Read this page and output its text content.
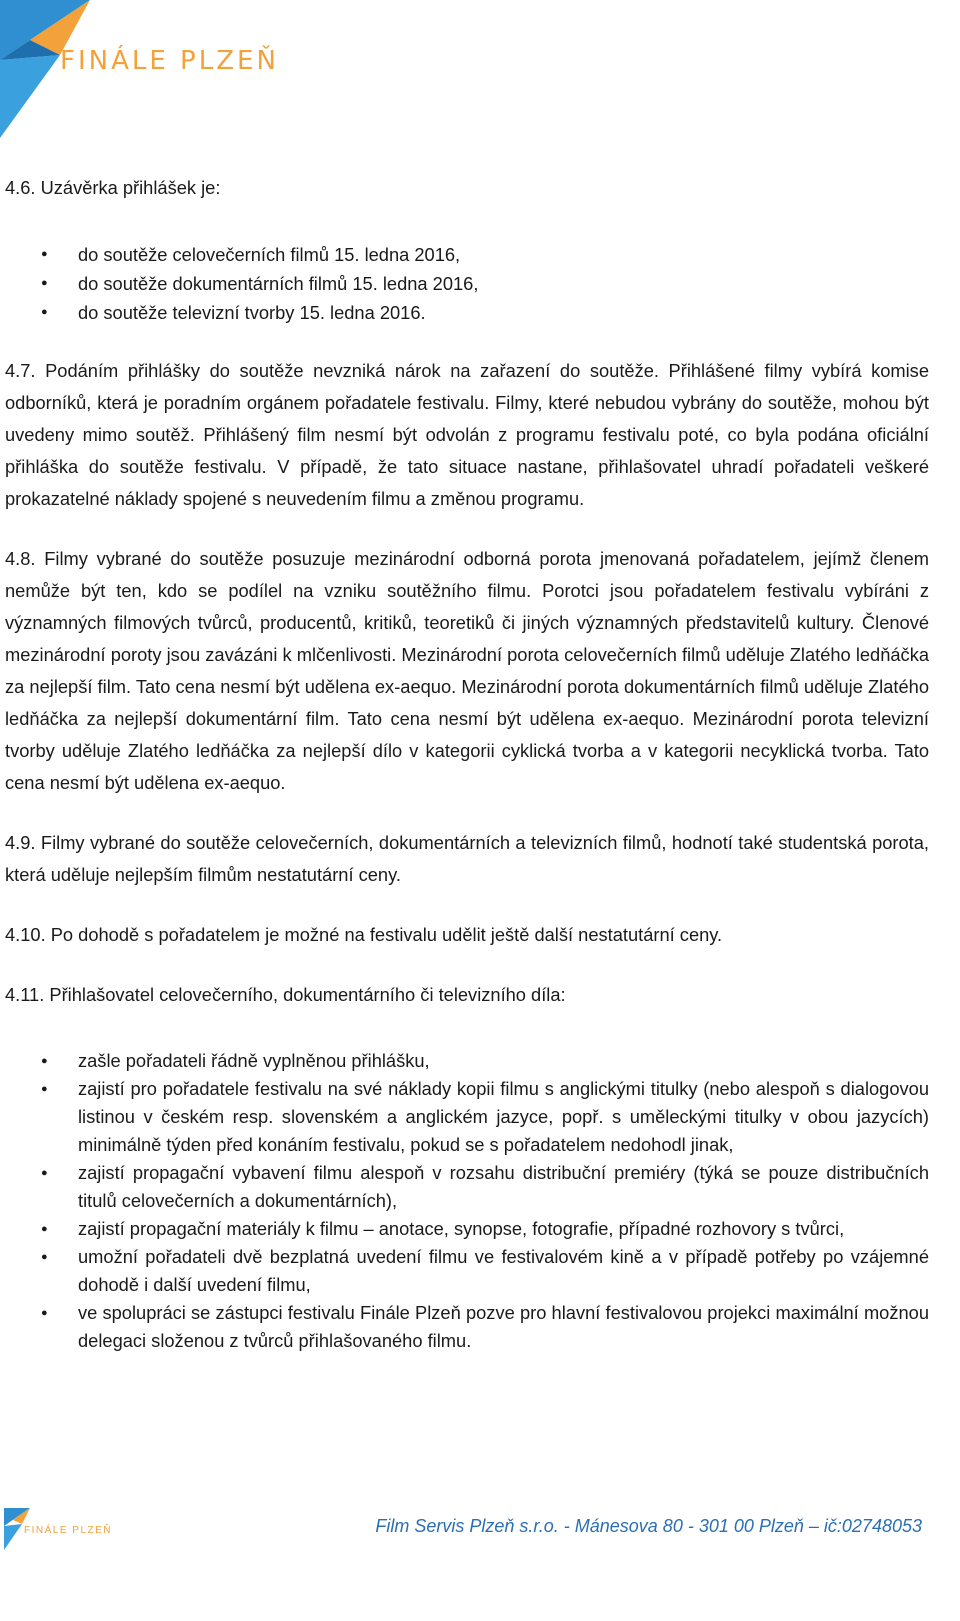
FINÁLE PLZEŇ

4.6. Uzávěrka přihlášek je:

● do soutěže celovečerních filmů 15. ledna 2016,
● do soutěže dokumentárních filmů 15. ledna 2016,
● do soutěže televizní tvorby 15. ledna 2016.

4.7. Podáním přihlášky do soutěže nevzniká nárok na zařazení do soutěže. Přihlášené filmy vybírá komise odborníků, která je poradním orgánem pořadatele festivalu. Filmy, které nebudou vybrány do soutěže, mohou být uvedeny mimo soutěž. Přihlášený film nesmí být odvolán z programu festivalu poté, co byla podána oficiální přihláška do soutěže festivalu. V případě, že tato situace nastane, přihlašovatel uhradí pořadateli veškeré prokazatelné náklady spojené s neuvedením filmu a změnou programu.

4.8. Filmy vybrané do soutěže posuzuje mezinárodní odborná porota jmenovaná pořadatelem, jejímž členem nemůže být ten, kdo se podílel na vzniku soutěžního filmu. Porotci jsou pořadatelem festivalu vybíráni z významných filmových tvůrců, producentů, kritiků, teoretiků či jiných významných představitelů kultury. Členové mezinárodní poroty jsou zavázáni k mlčenlivosti. Mezinárodní porota celovečerních filmů uděluje Zlatého ledňáčka za nejlepší film. Tato cena nesmí být udělena ex-aequo. Mezinárodní porota dokumentárních filmů uděluje Zlatého ledňáčka za nejlepší dokumentární film. Tato cena nesmí být udělena ex-aequo. Mezinárodní porota televizní tvorby uděluje Zlatého ledňáčka za nejlepší dílo v kategorii cyklická tvorba a v kategorii necyklická tvorba. Tato cena nesmí být udělena ex-aequo.

4.9. Filmy vybrané do soutěže celovečerních, dokumentárních a televizních filmů, hodnotí také studentská porota, která uděluje nejlepším filmům nestatutární ceny.

4.10. Po dohodě s pořadatelem je možné na festivalu udělit ještě další nestatutární ceny.

4.11. Přihlašovatel celovečerního, dokumentárního či televizního díla:

● zašle pořadateli řádně vyplněnou přihlášku,
● zajistí pro pořadatele festivalu na své náklady kopii filmu s anglickými titulky (nebo alespoň s dialogovou listinou v českém resp. slovenském a anglickém jazyce, popř. s uměleckými titulky v obou jazycích) minimálně týden před konáním festivalu, pokud se s pořadatelem nedohodl jinak,
● zajistí propagační vybavení filmu alespoň v rozsahu distribuční premiéry (týká se pouze distribučních titulů celovečerních a dokumentárních),
● zajistí propagační materiály k filmu – anotace, synopse, fotografie, případné rozhovory s tvůrci,
● umožní pořadateli dvě bezplatná uvedení filmu ve festivalovém kině a v případě potřeby po vzájemné dohodě i další uvedení filmu,
● ve spolupráci se zástupci festivalu Finále Plzeň pozve pro hlavní festivalovou projekci maximální možnou delegaci složenou z tvůrců přihlašovaného filmu.
FINÁLE PLZEŇ	Film Servis Plzeň s.r.o. - Mánesova 80 - 301 00 Plzeň – ič:02748053
